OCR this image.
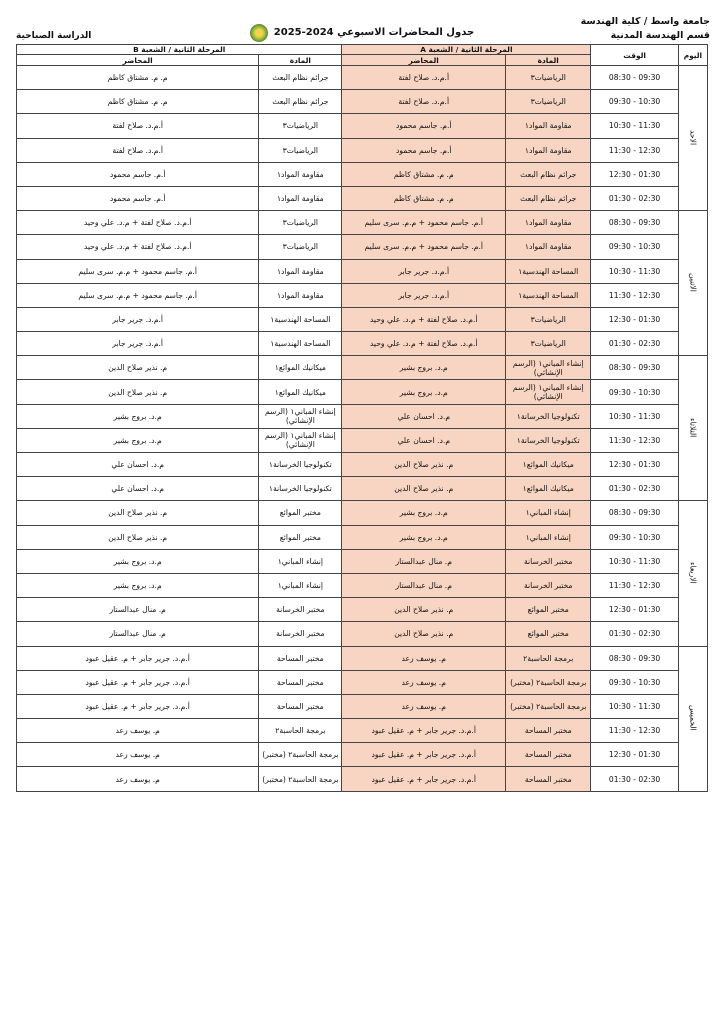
جامعة واسط / كلية الهندسة
قسم الهندسة المدنية
جدول المحاضرات الاسبوعي 2024-2025
الدراسة الصباحية
اليوم	الوقت	المرحلة الثانية / الشعبة A		المرحلة الثانية / الشعبة B	
		المادة	المحاضر	المادة	المحاضر
الاحد	08:30 - 09:30	الرياضيات٣	أ.م.د. صلاح لفتة	جرائم نظام البعث	م. م. مشتاق كاظم
	09:30 - 10:30	الرياضيات٣	أ.م.د. صلاح لفتة	جرائم نظام البعث	م. م. مشتاق كاظم
	10:30 - 11:30	مقاومة المواد١	أ.م. جاسم محمود	الرياضيات٣	أ.م.د. صلاح لفتة
	11:30 - 12:30	مقاومة المواد١	أ.م. جاسم محمود	الرياضيات٣	أ.م.د. صلاح لفتة
	12:30 - 01:30	جرائم نظام البعث	م. م. مشتاق كاظم	مقاومة المواد١	أ.م. جاسم محمود
	01:30 - 02:30	جرائم نظام البعث	م. م. مشتاق كاظم	مقاومة المواد١	أ.م. جاسم محمود
الاثنين	08:30 - 09:30	مقاومة المواد١	أ.م. جاسم محمود + م.م. سرى سليم	الرياضيات٣	أ.م.د. صلاح لفتة + م.د. علي وحيد
	09:30 - 10:30	مقاومة المواد١	أ.م. جاسم محمود + م.م. سرى سليم	الرياضيات٣	أ.م.د. صلاح لفتة + م.د. علي وحيد
	10:30 - 11:30	المساحة الهندسية١	أ.م.د. جرير جابر	مقاومة المواد١	أ.م. جاسم محمود + م.م. سرى سليم
	11:30 - 12:30	المساحة الهندسية١	أ.م.د. جرير جابر	مقاومة المواد١	أ.م. جاسم محمود + م.م. سرى سليم
	12:30 - 01:30	الرياضيات٣	أ.م.د. صلاح لفتة + م.د. علي وحيد	المساحة الهندسية١	أ.م.د. جرير جابر
	01:30 - 02:30	الرياضيات٣	أ.م.د. صلاح لفتة + م.د. علي وحيد	المساحة الهندسية١	أ.م.د. جرير جابر
الثلاثاء	08:30 - 09:30	إنشاء المباني١ (الرسم الإنشائي)	م.د. بروج بشير	ميكانيك الموائع١	م. نذير صلاح الدين
	09:30 - 10:30	إنشاء المباني١ (الرسم الإنشائي)	م.د. بروج بشير	ميكانيك الموائع١	م. نذير صلاح الدين
	10:30 - 11:30	تكنولوجيا الخرسانة١	م.د. احسان علي	إنشاء المباني١ (الرسم الإنشائي)	م.د. بروج بشير
	11:30 - 12:30	تكنولوجيا الخرسانة١	م.د. احسان علي	إنشاء المباني١ (الرسم الإنشائي)	م.د. بروج بشير
	12:30 - 01:30	ميكانيك الموائع١	م. نذير صلاح الدين	تكنولوجيا الخرسانة١	م.د. احسان علي
	01:30 - 02:30	ميكانيك الموائع١	م. نذير صلاح الدين	تكنولوجيا الخرسانة١	م.د. احسان علي
الاربعاء	08:30 - 09:30	إنشاء المباني١	م.د. بروج بشير	مختبر الموائع	م. نذير صلاح الدين
	09:30 - 10:30	إنشاء المباني١	م.د. بروج بشير	مختبر الموائع	م. نذير صلاح الدين
	10:30 - 11:30	مختبر الخرسانة	م. منال عبدالستار	إنشاء المباني١	م.د. بروج بشير
	11:30 - 12:30	مختبر الخرسانة	م. منال عبدالستار	إنشاء المباني١	م.د. بروج بشير
	12:30 - 01:30	مختبر الموائع	م. نذير صلاح الدين	مختبر الخرسانة	م. منال عبدالستار
	01:30 - 02:30	مختبر الموائع	م. نذير صلاح الدين	مختبر الخرسانة	م. منال عبدالستار
الخميس	08:30 - 09:30	برمجة الحاسبة٢	م. يوسف رعد	مختبر المساحة	أ.م.د. جرير جابر + م. عقيل عبود
	09:30 - 10:30	برمجة الحاسبة٢ (مختبر)	م. يوسف رعد	مختبر المساحة	أ.م.د. جرير جابر + م. عقيل عبود
	10:30 - 11:30	برمجة الحاسبة٢ (مختبر)	م. يوسف رعد	مختبر المساحة	أ.م.د. جرير جابر + م. عقيل عبود
	11:30 - 12:30	مختبر المساحة	أ.م.د. جرير جابر + م. عقيل عبود	برمجة الحاسبة٢	م. يوسف رعد
	12:30 - 01:30	مختبر المساحة	أ.م.د. جرير جابر + م. عقيل عبود	برمجة الحاسبة٢ (مختبر)	م. يوسف رعد
	01:30 - 02:30	مختبر المساحة	أ.م.د. جرير جابر + م. عقيل عبود	برمجة الحاسبة٢ (مختبر)	م. يوسف رعد
